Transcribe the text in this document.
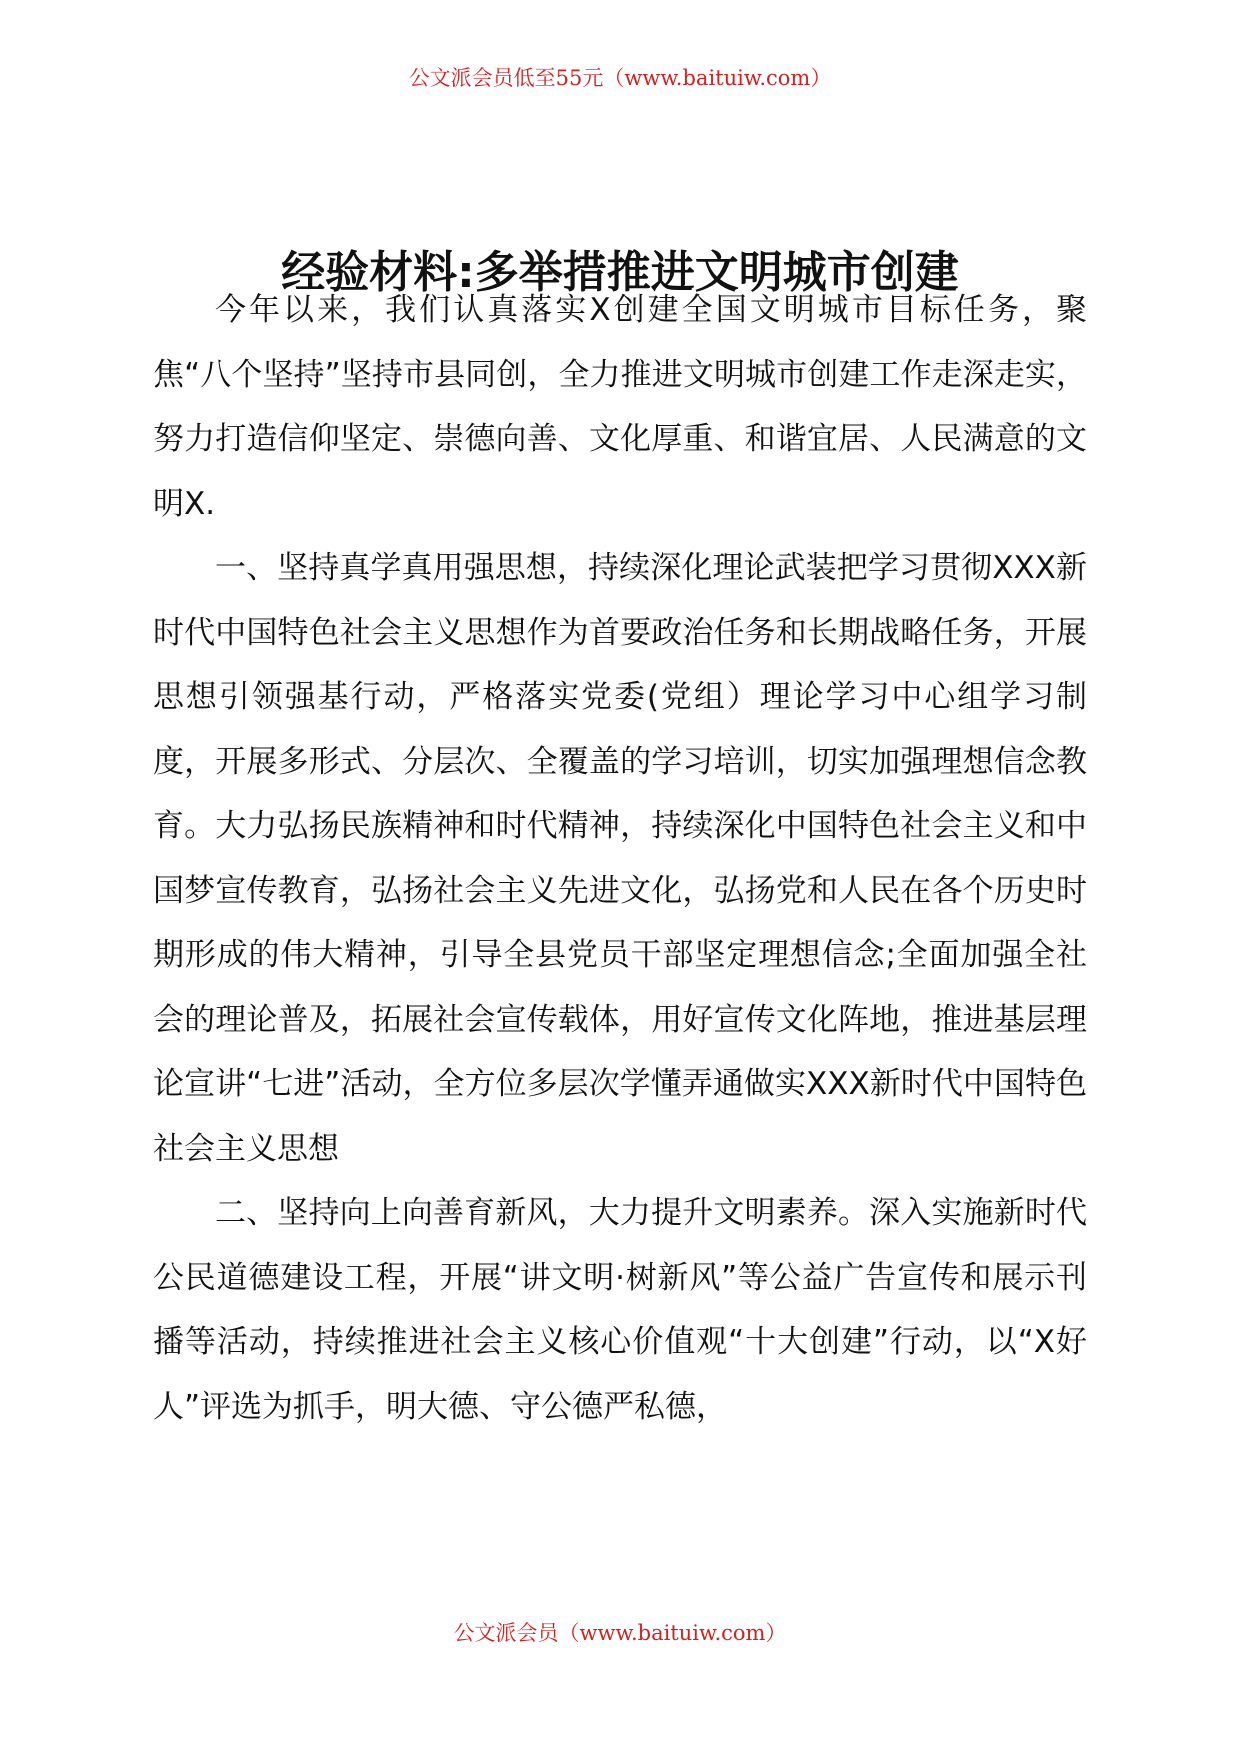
公文派会员低至55元（www.baituiw.com）
经验材料:多举措推进文明城市创建

今年以来，我们认真落实X创建全国文明城市目标任务，聚焦“八个坚持”坚持市县同创，全力推进文明城市创建工作走深走实，努力打造信仰坚定、崇德向善、文化厚重、和谐宜居、人民满意的文明X.

一、坚持真学真用强思想，持续深化理论武装把学习贯彻XXX新时代中国特色社会主义思想作为首要政治任务和长期战略任务，开展思想引领强基行动，严格落实党委(党组）理论学习中心组学习制度，开展多形式、分层次、全覆盖的学习培训，切实加强理想信念教育。大力弘扬民族精神和时代精神，持续深化中国特色社会主义和中国梦宣传教育，弘扬社会主义先进文化，弘扬党和人民在各个历史时期形成的伟大精神，引导全县党员干部坚定理想信念;全面加强全社会的理论普及，拓展社会宣传载体，用好宣传文化阵地，推进基层理论宣讲“七进”活动，全方位多层次学懂弄通做实XXX新时代中国特色社会主义思想

二、坚持向上向善育新风，大力提升文明素养。深入实施新时代公民道德建设工程，开展“讲文明·树新风”等公益广告宣传和展示刊播等活动，持续推进社会主义核心价值观“十大创建”行动，以“X好人”评选为抓手，明大德、守公德严私德，

公文派会员（www.baituiw.com）
